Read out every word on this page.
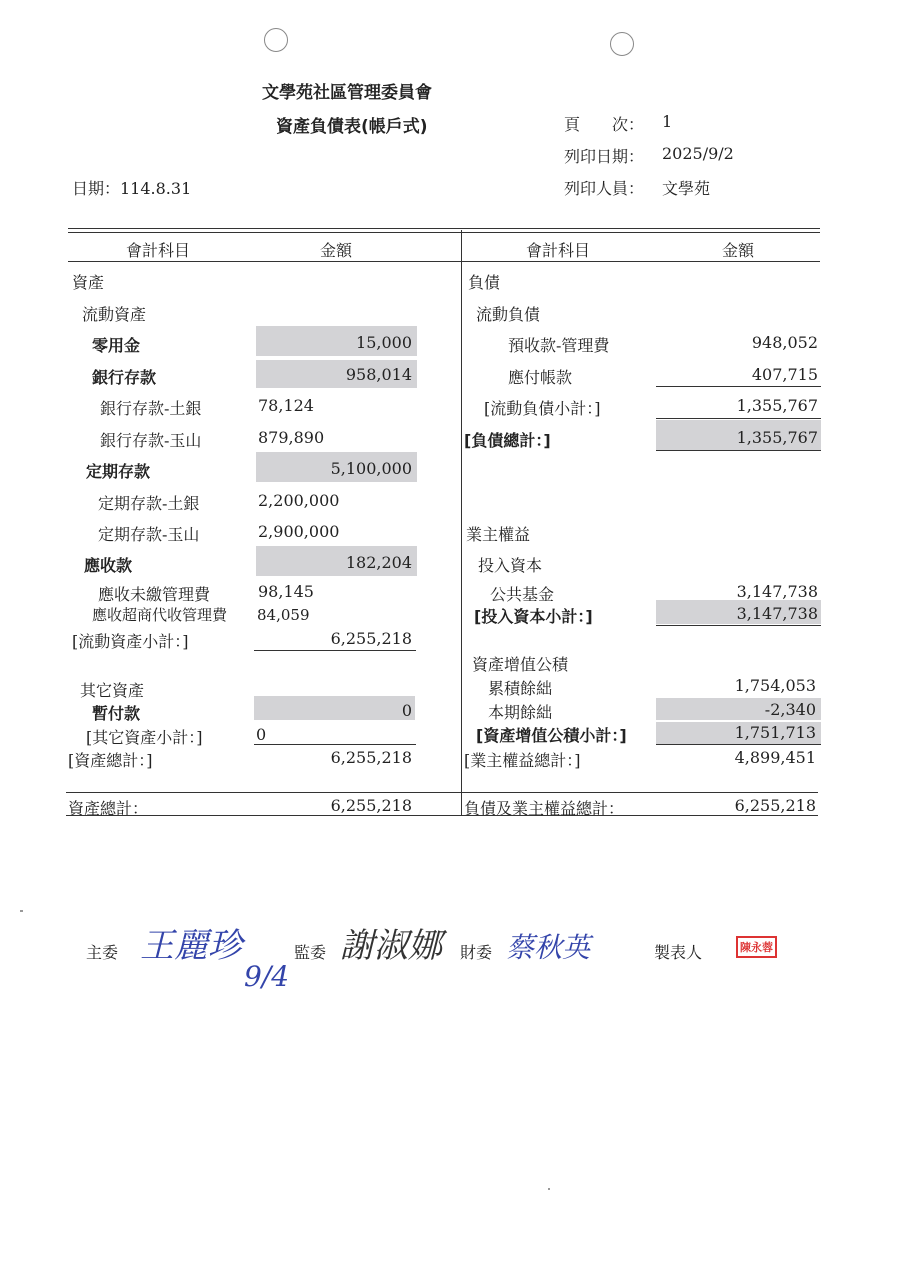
文學苑社區管理委員會
資產負債表(帳戶式)
日期：114.8.31
頁　　次： 1
列印日期： 2025/9/2
列印人員： 文學苑
會計科目	金額	會計科目	金額
資產
流動資產
零用金	15,000
銀行存款	958,014
銀行存款-土銀	78,124
銀行存款-玉山	879,890
定期存款	5,100,000
定期存款-土銀	2,200,000
定期存款-玉山	2,900,000
應收款	182,204
應收未繳管理費	98,145
應收超商代收管理費 84,059
[流動資產小計：]	6,255,218
其它資產
暫付款	0
[其它資產小計：]	0
[資產總計：]	6,255,218
負債
流動負債
預收款-管理費	948,052
應付帳款	407,715
[流動負債小計：]	1,355,767
[負債總計：]	1,355,767
業主權益
投入資本
公共基金	3,147,738
[投入資本小計：]	3,147,738
資產增值公積
累積餘絀	1,754,053
本期餘絀	-2,340
[資產增值公積小計：]	1,751,713
[業主權益總計：]	4,899,451
資產總計：	6,255,218	負債及業主權益總計：	6,255,218
主委 王麗珍
9/4
監委 謝淑娜 財委 蔡秋英	製表人	陳永蓉
